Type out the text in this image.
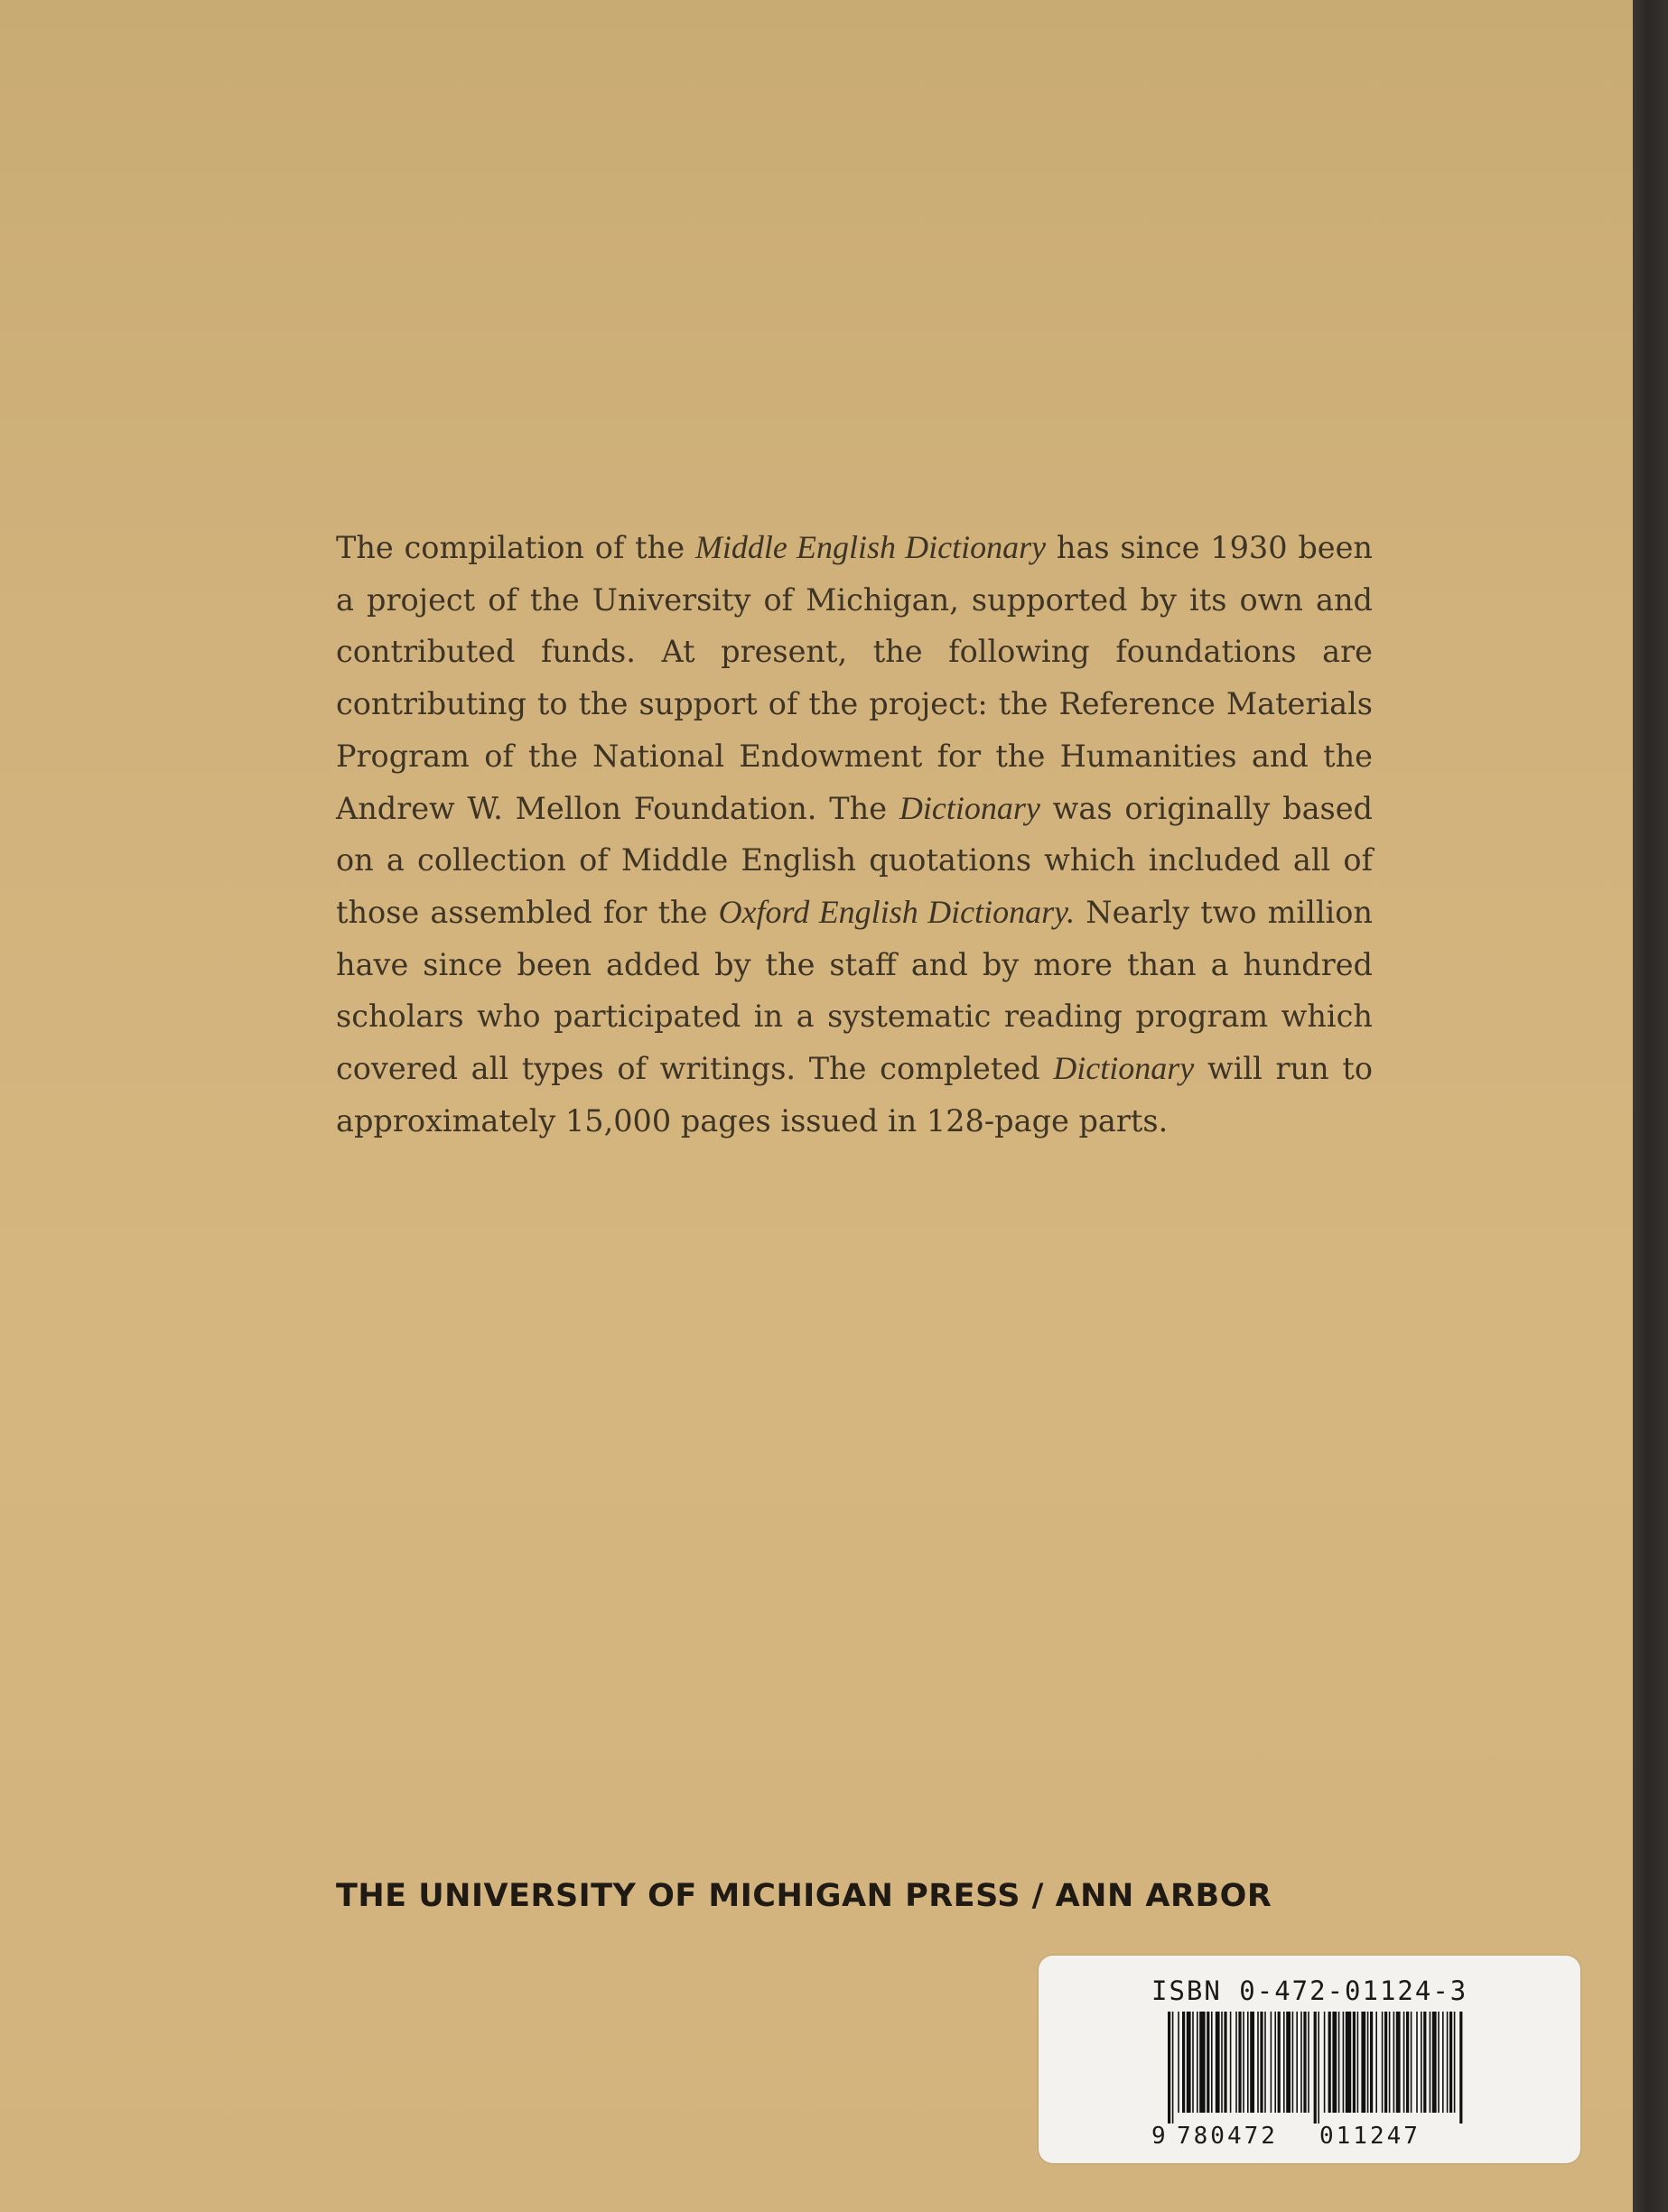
The compilation of the Middle English Dictionary has since 1930 been a project of the University of Michigan, supported by its own and contributed funds. At present, the following foundations are contributing to the support of the project: the Reference Materials Program of the National Endowment for the Humanities and the Andrew W. Mellon Foundation. The Dictionary was originally based on a collection of Middle English quotations which included all of those assembled for the Oxford English Dictionary. Nearly two million have since been added by the staff and by more than a hundred scholars who participated in a systematic reading program which covered all types of writings. The completed Dictionary will run to approximately 15,000 pages issued in 128-page parts.

THE UNIVERSITY OF MICHIGAN PRESS / ANN ARBOR
ISBN 0-472-01124-3
9 780472 011247
